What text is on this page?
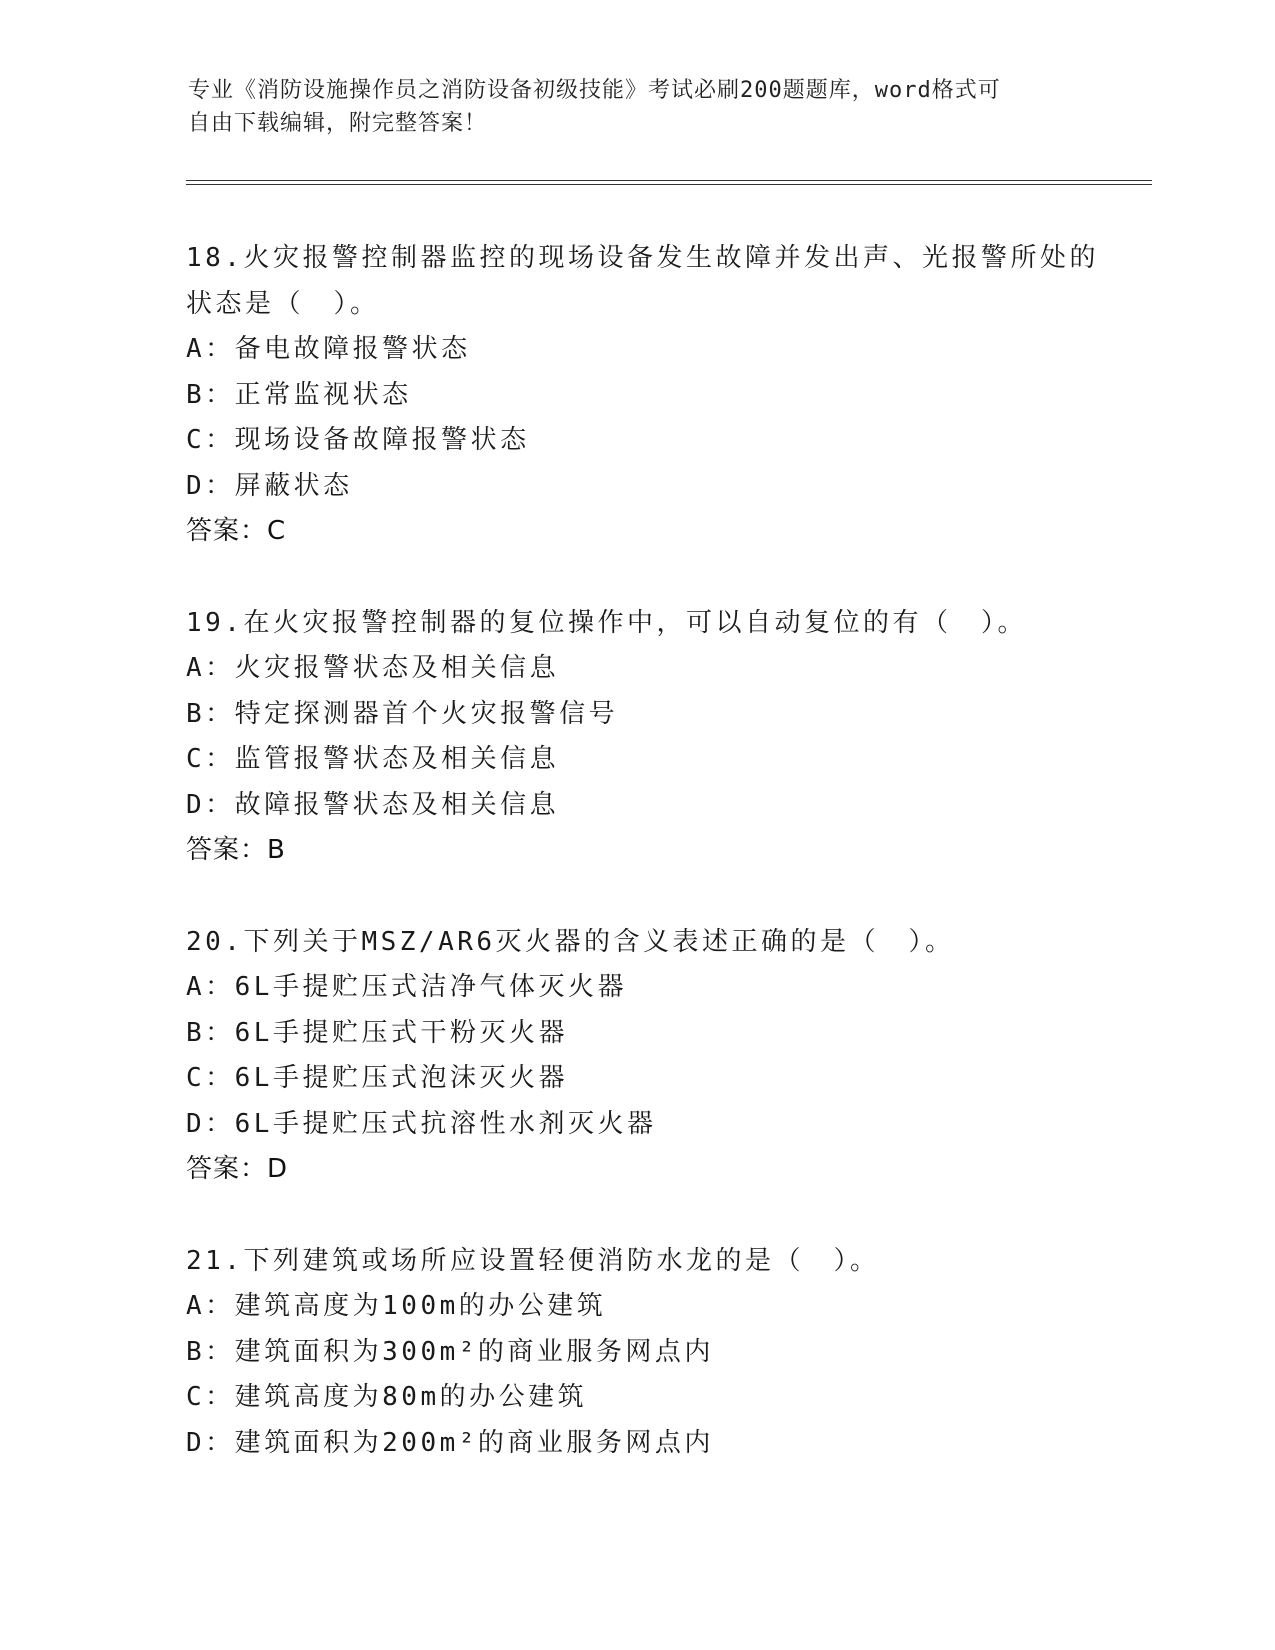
专业《消防设施操作员之消防设备初级技能》考试必刷200题题库，word格式可
自由下载编辑，附完整答案！

18.火灾报警控制器监控的现场设备发生故障并发出声、光报警所处的

状态是（　）。

A：备电故障报警状态

B：正常监视状态

C：现场设备故障报警状态

D：屏蔽状态

答案：C

19.在火灾报警控制器的复位操作中，可以自动复位的有（　）。

A：火灾报警状态及相关信息

B：特定探测器首个火灾报警信号

C：监管报警状态及相关信息

D：故障报警状态及相关信息

答案：B

20.下列关于MSZ/AR6灭火器的含义表述正确的是（　）。

A：6L手提贮压式洁净气体灭火器

B：6L手提贮压式干粉灭火器

C：6L手提贮压式泡沫灭火器

D：6L手提贮压式抗溶性水剂灭火器

答案：D

21.下列建筑或场所应设置轻便消防水龙的是（　）。

A：建筑高度为100m的办公建筑

B：建筑面积为300m²的商业服务网点内

C：建筑高度为80m的办公建筑

D：建筑面积为200m²的商业服务网点内
